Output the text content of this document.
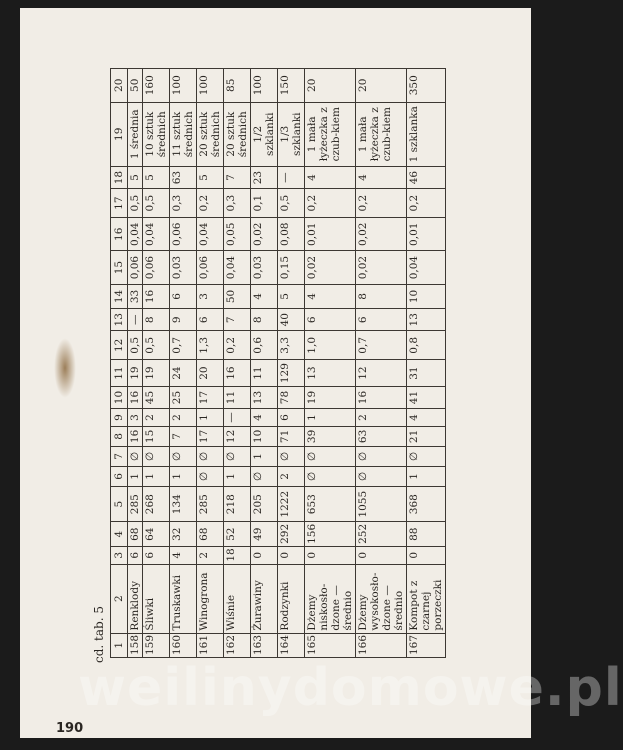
cd. tab. 5 1	2	3	4	5	6	7	8	9	10	11	12	13	14	15	16	17	18	19	20
158	Renklody	6	68	285	1	∅	16	3	16	19	0,5	—	33	0,06	0,04	0,5	5	1 średnia	50
159	Śliwki	6	64	268	1	∅	15	2	45	19	0,5	8	16	0,06	0,04	0,5	5	10 sztuk średnich	160
160	Truskawki	4	32	134	1	∅	7	2	25	24	0,7	9	6	0,03	0,06	0,3	63	11 sztuk średnich	100
161	Winogrona	2	68	285	∅	∅	17	1	17	20	1,3	6	3	0,06	0,04	0,2	5	20 sztuk średnich	100
162	Wiśnie	18	52	218	1	∅	12	—	11	16	0,2	7	50	0,04	0,05	0,3	7	20 sztuk średnich	85
163	Żurawiny	0	49	205	∅	1	10	4	13	11	0,6	8	4	0,03	0,02	0,1	23	1/2 szklanki	100
164	Rodzynki	0	292	1222	2	∅	71	6	78	129	3,3	40	5	0,15	0,08	0,5	—	1/3 szklanki	150
165	Dżemy niskosło-dzone — średnio	0	156	653	∅	∅	39	1	19	13	1,0	6	4	0,02	0,01	0,2	4	1 mała łyżeczka z czub-kiem	20
166	Dżemy wysokosło-dzone — średnio	0	252	1055	∅	∅	63	2	16	12	0,7	6	8	0,02	0,02	0,2	4	1 mała łyżeczka z czub-kiem	20
167	Kompot z czarnej porzeczki	0	88	368	1	∅	21	4	41	31	0,8	13	10	0,04	0,01	0,2	46	1 szklanka	350
190
weilinydomowe.pl
